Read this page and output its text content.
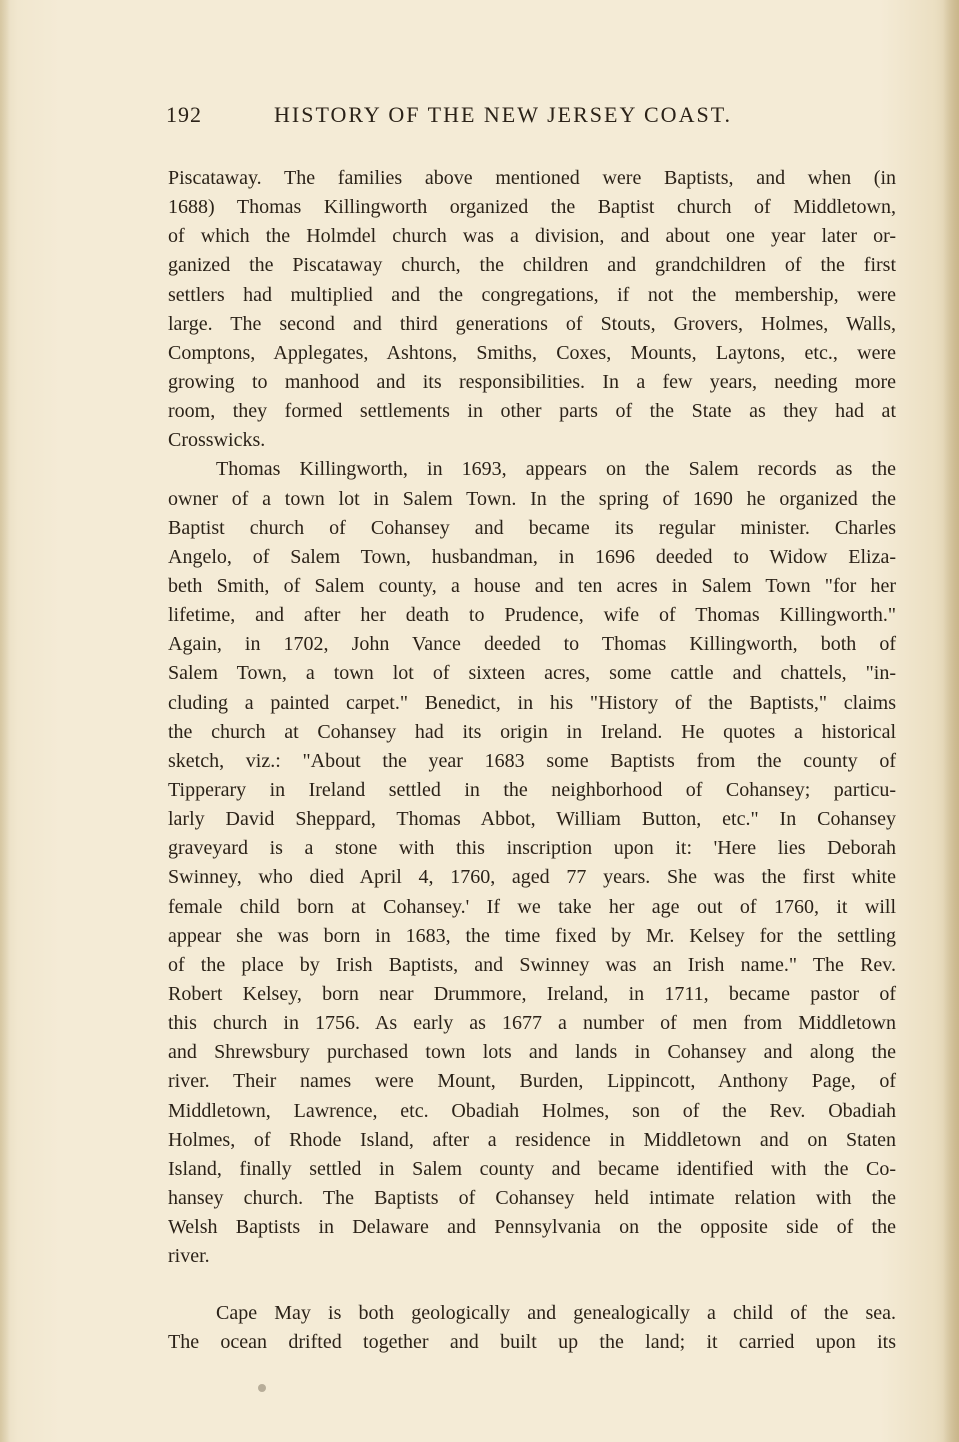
192	HISTORY OF THE NEW JERSEY COAST.
Piscataway. The families above mentioned were Baptists, and when (in
1688) Thomas Killingworth organized the Baptist church of Middletown,
of which the Holmdel church was a division, and about one year later or-
ganized the Piscataway church, the children and grandchildren of the first
settlers had multiplied and the congregations, if not the membership, were
large. The second and third generations of Stouts, Grovers, Holmes, Walls,
Comptons, Applegates, Ashtons, Smiths, Coxes, Mounts, Laytons, etc., were
growing to manhood and its responsibilities. In a few years, needing more
room, they formed settlements in other parts of the State as they had at
Crosswicks.
Thomas Killingworth, in 1693, appears on the Salem records as the
owner of a town lot in Salem Town. In the spring of 1690 he organized the
Baptist church of Cohansey and became its regular minister. Charles
Angelo, of Salem Town, husbandman, in 1696 deeded to Widow Eliza-
beth Smith, of Salem county, a house and ten acres in Salem Town "for her
lifetime, and after her death to Prudence, wife of Thomas Killingworth."
Again, in 1702, John Vance deeded to Thomas Killingworth, both of
Salem Town, a town lot of sixteen acres, some cattle and chattels, "in-
cluding a painted carpet." Benedict, in his "History of the Baptists," claims
the church at Cohansey had its origin in Ireland. He quotes a historical
sketch, viz.: "About the year 1683 some Baptists from the county of
Tipperary in Ireland settled in the neighborhood of Cohansey; particu-
larly David Sheppard, Thomas Abbot, William Button, etc." In Cohansey
graveyard is a stone with this inscription upon it: 'Here lies Deborah
Swinney, who died April 4, 1760, aged 77 years. She was the first white
female child born at Cohansey.' If we take her age out of 1760, it will
appear she was born in 1683, the time fixed by Mr. Kelsey for the settling
of the place by Irish Baptists, and Swinney was an Irish name." The Rev.
Robert Kelsey, born near Drummore, Ireland, in 1711, became pastor of
this church in 1756. As early as 1677 a number of men from Middletown
and Shrewsbury purchased town lots and lands in Cohansey and along the
river. Their names were Mount, Burden, Lippincott, Anthony Page, of
Middletown, Lawrence, etc. Obadiah Holmes, son of the Rev. Obadiah
Holmes, of Rhode Island, after a residence in Middletown and on Staten
Island, finally settled in Salem county and became identified with the Co-
hansey church. The Baptists of Cohansey held intimate relation with the
Welsh Baptists in Delaware and Pennsylvania on the opposite side of the
river.
Cape May is both geologically and genealogically a child of the sea.
The ocean drifted together and built up the land; it carried upon its
